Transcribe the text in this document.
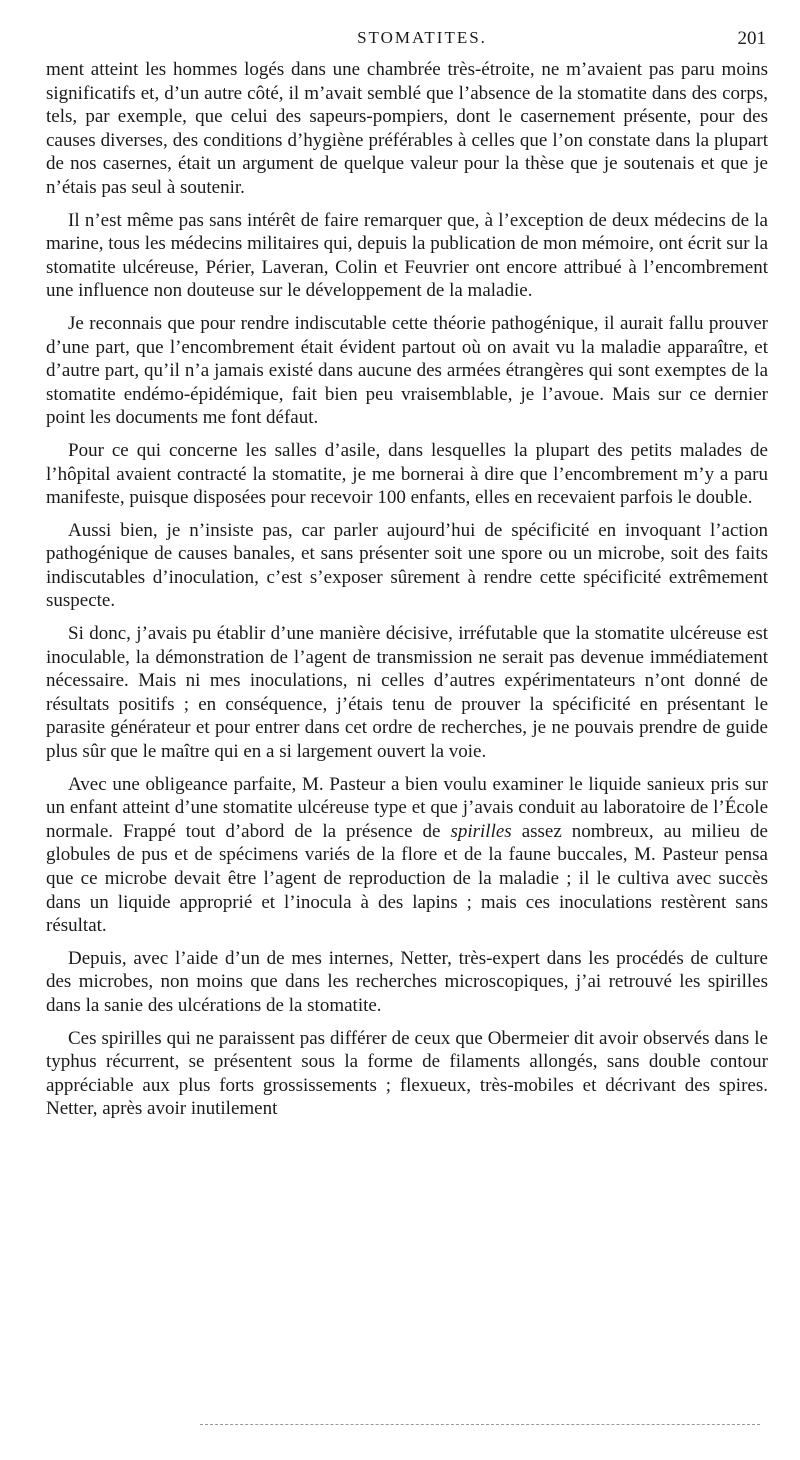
STOMATITES.	201

ment atteint les hommes logés dans une chambrée très-étroite, ne m’avaient pas paru moins significatifs et, d’un autre côté, il m’avait semblé que l’absence de la stomatite dans des corps, tels, par exemple, que celui des sapeurs-pompiers, dont le casernement présente, pour des causes diverses, des conditions d’hygiène préférables à celles que l’on constate dans la plupart de nos casernes, était un argument de quelque valeur pour la thèse que je soutenais et que je n’étais pas seul à soutenir.

Il n’est même pas sans intérêt de faire remarquer que, à l’exception de deux médecins de la marine, tous les médecins militaires qui, depuis la publication de mon mémoire, ont écrit sur la stomatite ulcéreuse, Périer, Laveran, Colin et Feuvrier ont encore attribué à l’encombrement une influence non douteuse sur le développement de la maladie.

Je reconnais que pour rendre indiscutable cette théorie pathogénique, il aurait fallu prouver d’une part, que l’encombrement était évident partout où on avait vu la maladie apparaître, et d’autre part, qu’il n’a jamais existé dans aucune des armées étrangères qui sont exemptes de la stomatite endémo-épidémique, fait bien peu vraisemblable, je l’avoue. Mais sur ce dernier point les documents me font défaut.

Pour ce qui concerne les salles d’asile, dans lesquelles la plupart des petits malades de l’hôpital avaient contracté la stomatite, je me bornerai à dire que l’encombrement m’y a paru manifeste, puisque disposées pour recevoir 100 enfants, elles en recevaient parfois le double.

Aussi bien, je n’insiste pas, car parler aujourd’hui de spécificité en invoquant l’action pathogénique de causes banales, et sans présenter soit une spore ou un microbe, soit des faits indiscutables d’inoculation, c’est s’exposer sûrement à rendre cette spécificité extrêmement suspecte.

Si donc, j’avais pu établir d’une manière décisive, irréfutable que la stomatite ulcéreuse est inoculable, la démonstration de l’agent de transmission ne serait pas devenue immédiatement nécessaire. Mais ni mes inoculations, ni celles d’autres expérimentateurs n’ont donné de résultats positifs ; en conséquence, j’étais tenu de prouver la spécificité en présentant le parasite générateur et pour entrer dans cet ordre de recherches, je ne pouvais prendre de guide plus sûr que le maître qui en a si largement ouvert la voie.

Avec une obligeance parfaite, M. Pasteur a bien voulu examiner le liquide sanieux pris sur un enfant atteint d’une stomatite ulcéreuse type et que j’avais conduit au laboratoire de l’École normale. Frappé tout d’abord de la présence de spirilles assez nombreux, au milieu de globules de pus et de spécimens variés de la flore et de la faune buccales, M. Pasteur pensa que ce microbe devait être l’agent de reproduction de la maladie ; il le cultiva avec succès dans un liquide approprié et l’inocula à des lapins ; mais ces inoculations restèrent sans résultat.

Depuis, avec l’aide d’un de mes internes, Netter, très-expert dans les procédés de culture des microbes, non moins que dans les recherches microscopiques, j’ai retrouvé les spirilles dans la sanie des ulcérations de la stomatite.

Ces spirilles qui ne paraissent pas différer de ceux que Obermeier dit avoir observés dans le typhus récurrent, se présentent sous la forme de filaments allongés, sans double contour appréciable aux plus forts grossissements ; flexueux, très-mobiles et décrivant des spires. Netter, après avoir inutilement
